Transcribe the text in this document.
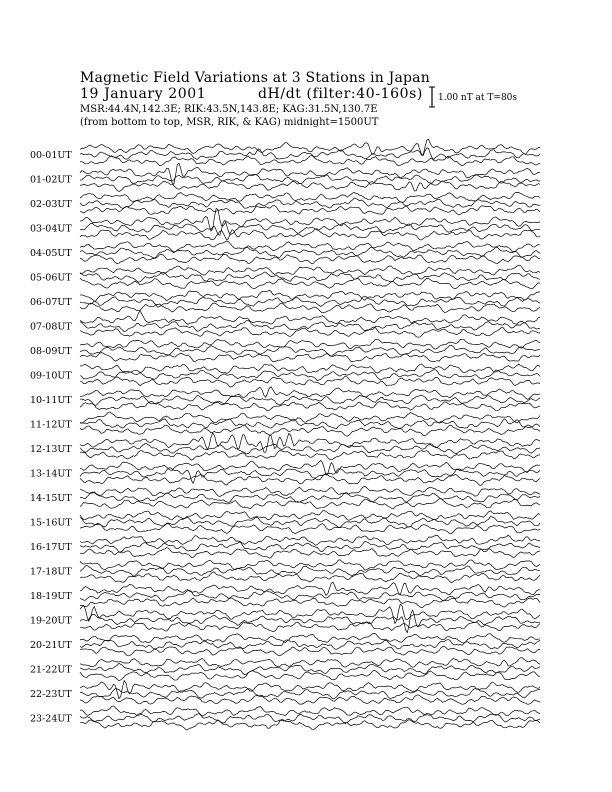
Magnetic Field Variations at 3 Stations in Japan
19 January 2001	dH/dt (filter:40-160s)
MSR:44.4N,142.3E; RIK:43.5N,143.8E; KAG:31.5N,130.7E
(from bottom to top, MSR, RIK, & KAG) midnight=1500UT
1.00 nT at T=80s
00-01UT
01-02UT
02-03UT
03-04UT
04-05UT
05-06UT
06-07UT
07-08UT
08-09UT
09-10UT
10-11UT
11-12UT
12-13UT
13-14UT
14-15UT
15-16UT
16-17UT
17-18UT
18-19UT
19-20UT
20-21UT
21-22UT
22-23UT
23-24UT
